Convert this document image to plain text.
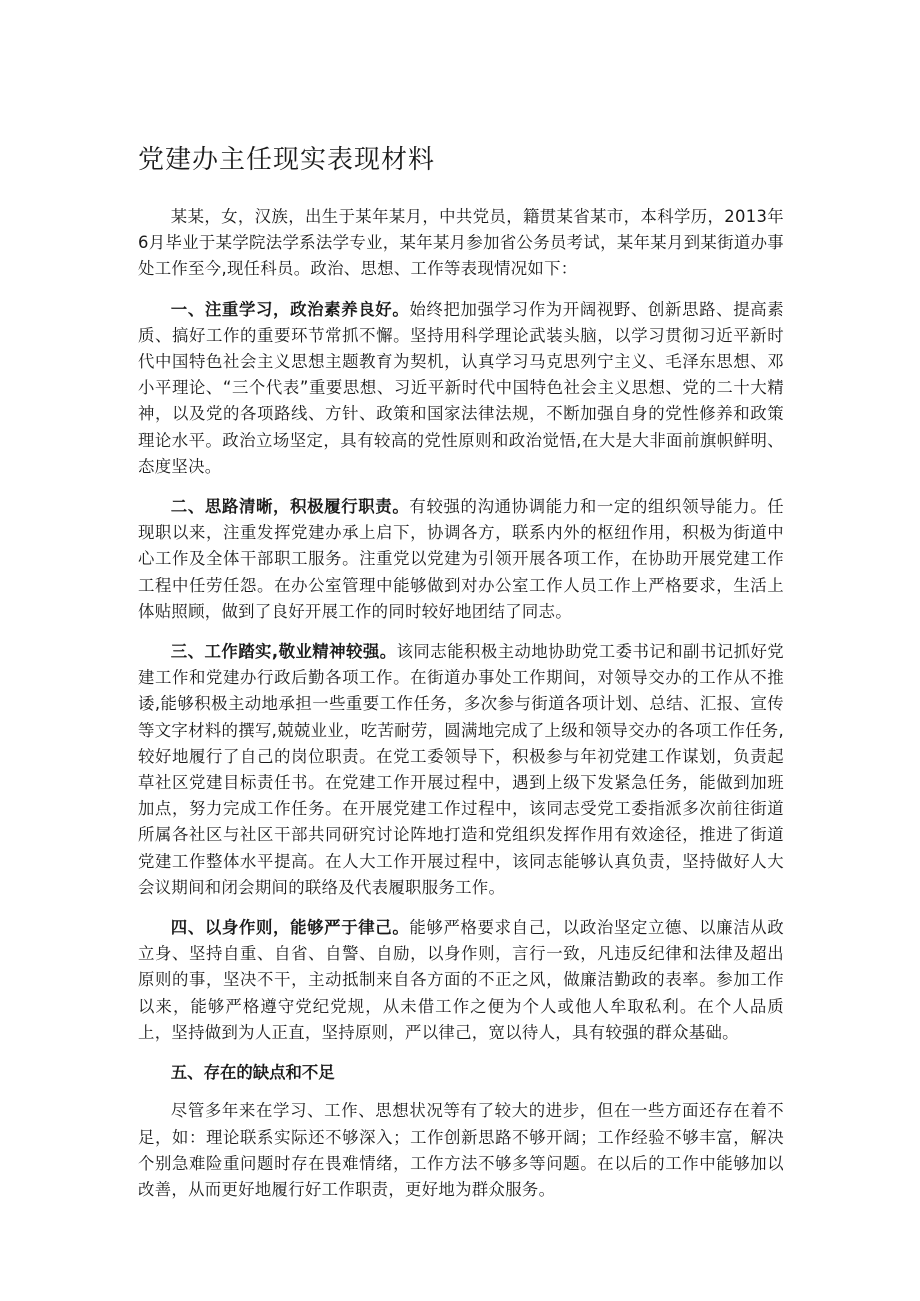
党建办主任现实表现材料

某某，女，汉族，出生于某年某月，中共党员，籍贯某省某市，本科学历，2013年6月毕业于某学院法学系法学专业，某年某月参加省公务员考试，某年某月到某街道办事处工作至今,现任科员。政治、思想、工作等表现情况如下：

一、注重学习，政治素养良好。始终把加强学习作为开阔视野、创新思路、提高素质、搞好工作的重要环节常抓不懈。坚持用科学理论武装头脑，以学习贯彻习近平新时代中国特色社会主义思想主题教育为契机，认真学习马克思列宁主义、毛泽东思想、邓小平理论、“三个代表”重要思想、习近平新时代中国特色社会主义思想、党的二十大精神，以及党的各项路线、方针、政策和国家法律法规，不断加强自身的党性修养和政策理论水平。政治立场坚定，具有较高的党性原则和政治觉悟,在大是大非面前旗帜鲜明、态度坚决。

二、思路清晰，积极履行职责。有较强的沟通协调能力和一定的组织领导能力。任现职以来，注重发挥党建办承上启下，协调各方，联系内外的枢纽作用，积极为街道中心工作及全体干部职工服务。注重党以党建为引领开展各项工作，在协助开展党建工作工程中任劳任怨。在办公室管理中能够做到对办公室工作人员工作上严格要求，生活上体贴照顾，做到了良好开展工作的同时较好地团结了同志。

三、工作踏实,敬业精神较强。该同志能积极主动地协助党工委书记和副书记抓好党建工作和党建办行政后勤各项工作。在街道办事处工作期间，对领导交办的工作从不推诿,能够积极主动地承担一些重要工作任务，多次参与街道各项计划、总结、汇报、宣传等文字材料的撰写,兢兢业业，吃苦耐劳，圆满地完成了上级和领导交办的各项工作任务,较好地履行了自己的岗位职责。在党工委领导下，积极参与年初党建工作谋划，负责起草社区党建目标责任书。在党建工作开展过程中，遇到上级下发紧急任务，能做到加班加点，努力完成工作任务。在开展党建工作过程中，该同志受党工委指派多次前往街道所属各社区与社区干部共同研究讨论阵地打造和党组织发挥作用有效途径，推进了街道党建工作整体水平提高。在人大工作开展过程中，该同志能够认真负责，坚持做好人大会议期间和闭会期间的联络及代表履职服务工作。

四、以身作则，能够严于律己。能够严格要求自己，以政治坚定立德、以廉洁从政立身、坚持自重、自省、自警、自励，以身作则，言行一致，凡违反纪律和法律及超出原则的事，坚决不干，主动抵制来自各方面的不正之风，做廉洁勤政的表率。参加工作以来，能够严格遵守党纪党规，从未借工作之便为个人或他人牟取私利。在个人品质上，坚持做到为人正直，坚持原则，严以律己，宽以待人，具有较强的群众基础。

五、存在的缺点和不足

尽管多年来在学习、工作、思想状况等有了较大的进步，但在一些方面还存在着不足，如：理论联系实际还不够深入；工作创新思路不够开阔；工作经验不够丰富，解决个别急难险重问题时存在畏难情绪，工作方法不够多等问题。在以后的工作中能够加以改善，从而更好地履行好工作职责，更好地为群众服务。
